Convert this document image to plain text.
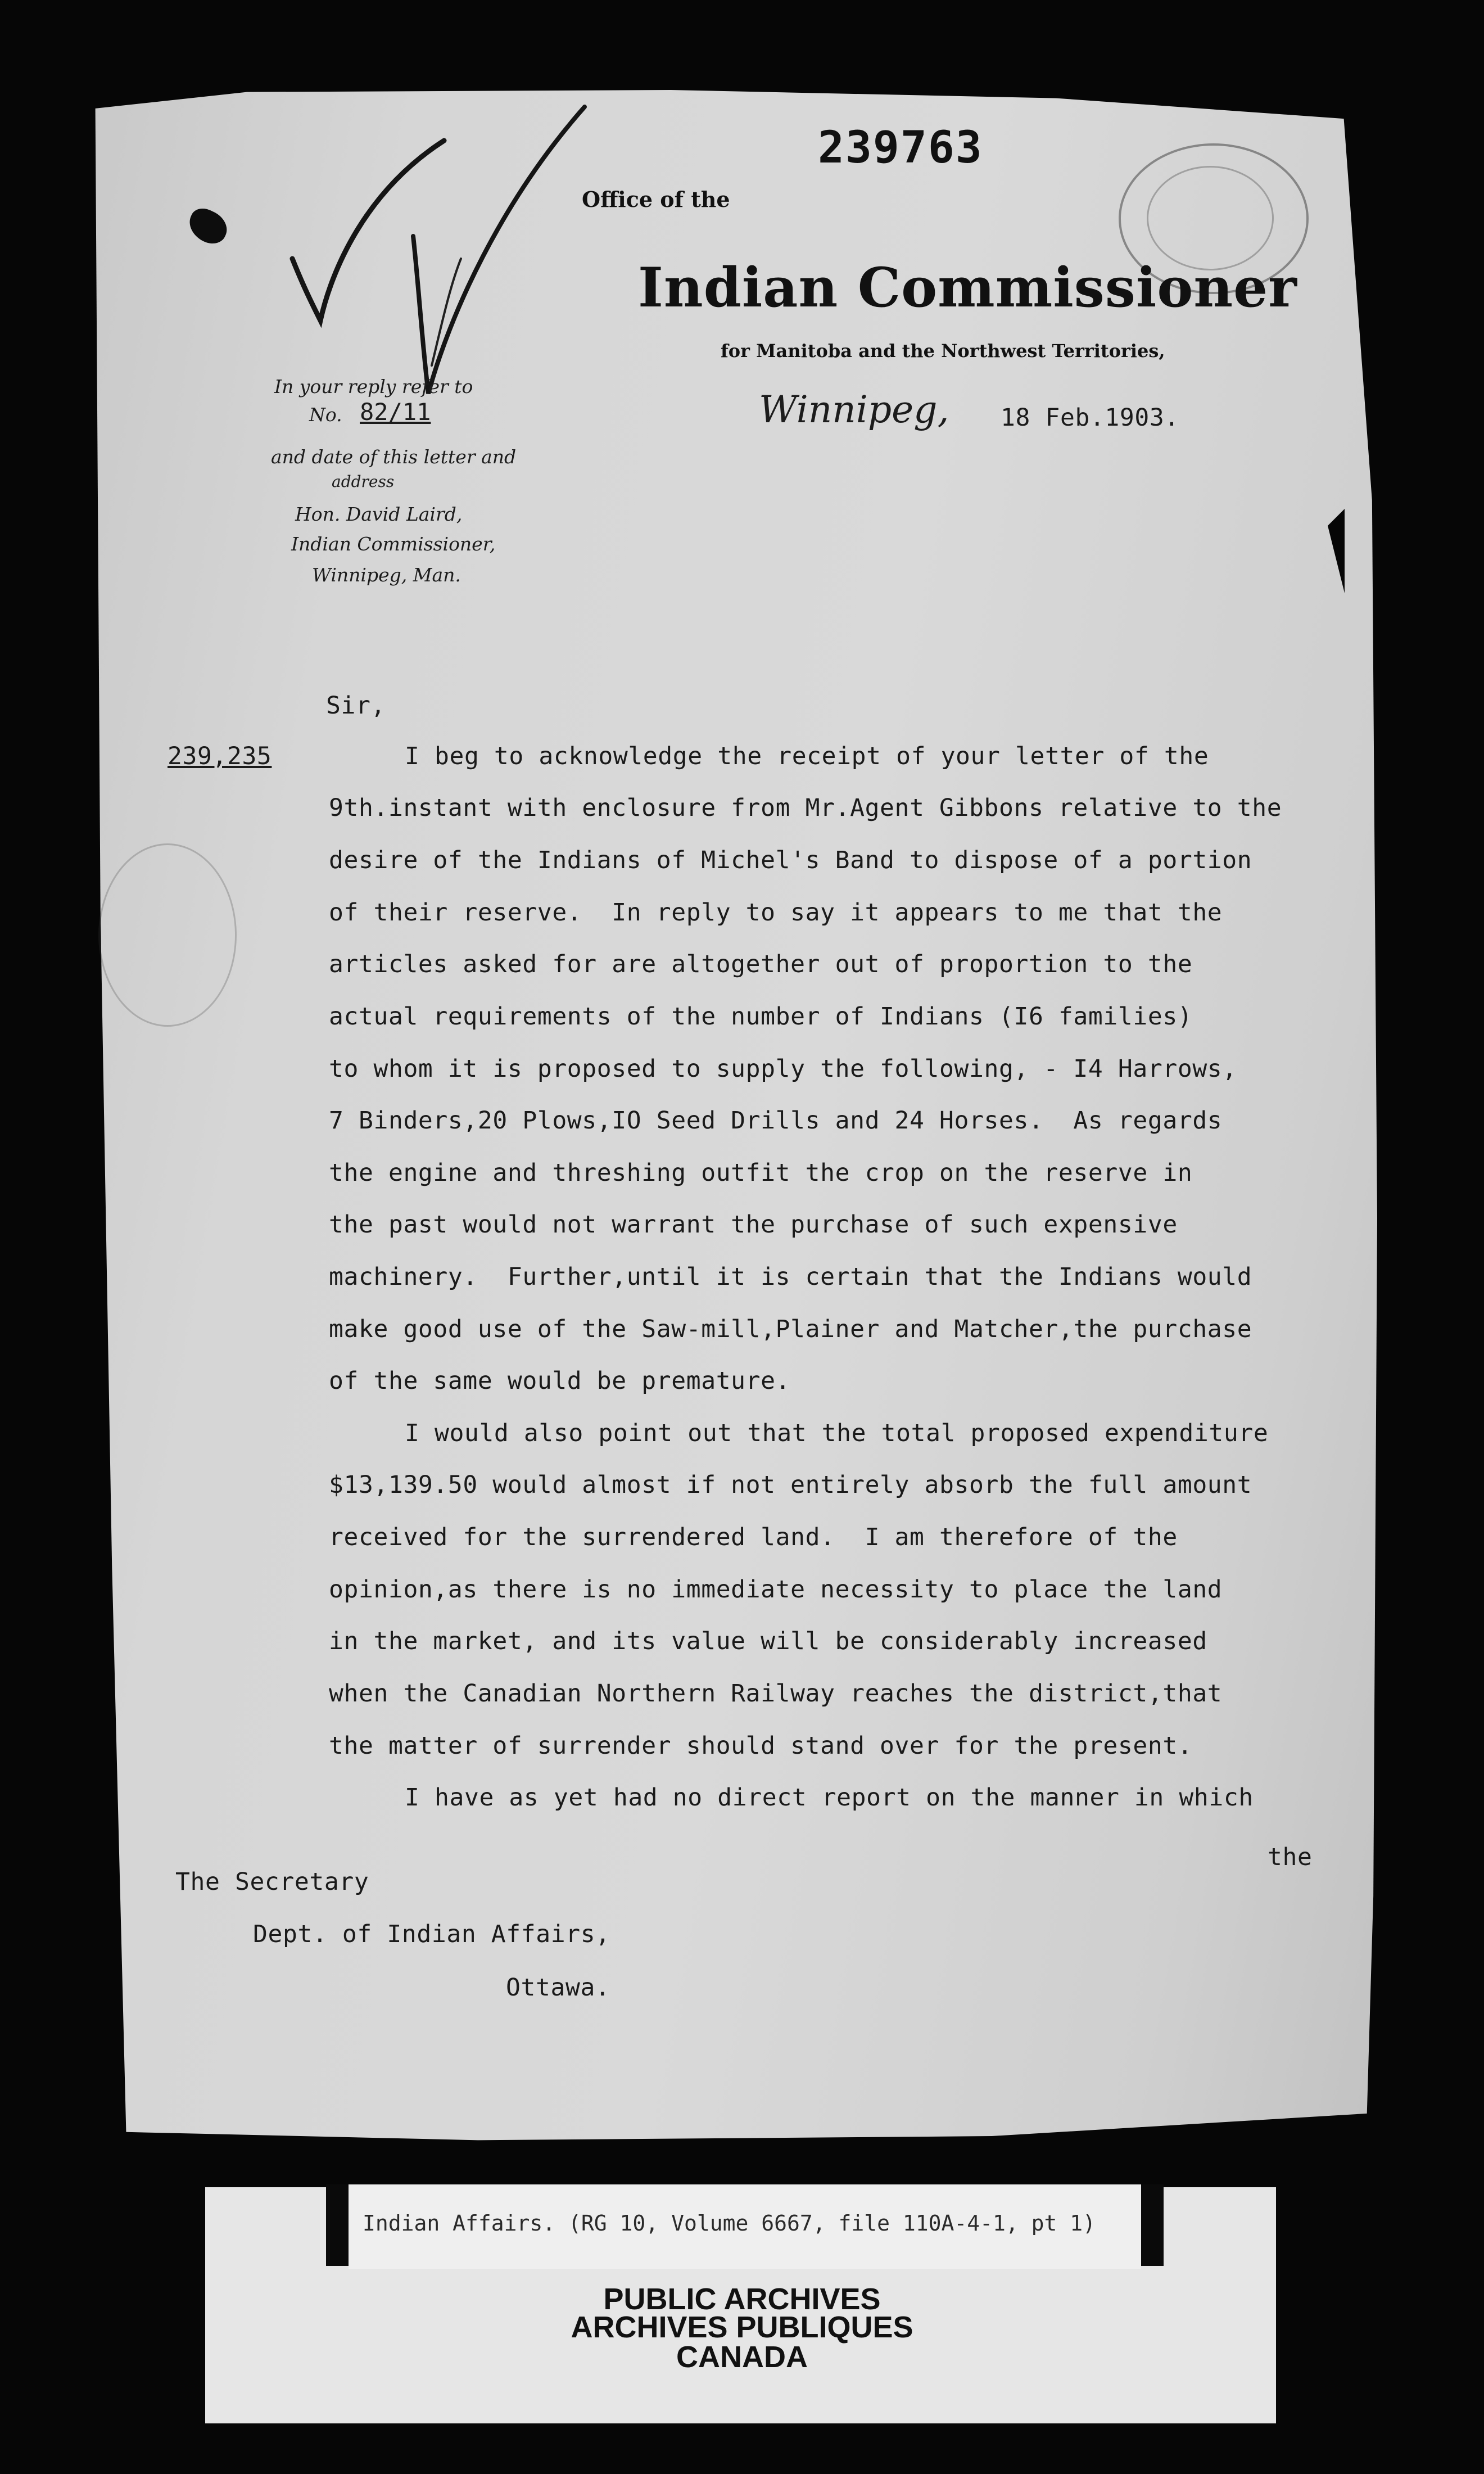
239763
Office of the
Indian Commissioner
for Manitoba and the Northwest Territories,
Winnipeg, 18 Feb.1903.
In your reply refer to
No. 82/11
and date of this letter and
address
Hon. David Laird,
Indian Commissioner,
Winnipeg, Man.
Sir,
239,235	I beg to acknowledge the receipt of your letter of the
9th.instant with enclosure from Mr.Agent Gibbons relative to the
desire of the Indians of Michel's Band to dispose of a portion
of their reserve.  In reply to say it appears to me that the
articles asked for are altogether out of proportion to the
actual requirements of the number of Indians (I6 families)
to whom it is proposed to supply the following, - I4 Harrows,
7 Binders,20 Plows,IO Seed Drills and 24 Horses.  As regards
the engine and threshing outfit the crop on the reserve in
the past would not warrant the purchase of such expensive
machinery.  Further,until it is certain that the Indians would
make good use of the Saw-mill,Plainer and Matcher,the purchase
of the same would be premature.
I would also point out that the total proposed expenditure
$13,139.50 would almost if not entirely absorb the full amount
received for the surrendered land.  I am therefore of the
opinion,as there is no immediate necessity to place the land
in the market, and its value will be considerably increased
when the Canadian Northern Railway reaches the district,that
the matter of surrender should stand over for the present.
I have as yet had no direct report on the manner in which
the
The Secretary
Dept. of Indian Affairs,
Ottawa.
Indian Affairs. (RG 10, Volume 6667, file 110A-4-1, pt 1)
PUBLIC ARCHIVES
ARCHIVES PUBLIQUES
CANADA
